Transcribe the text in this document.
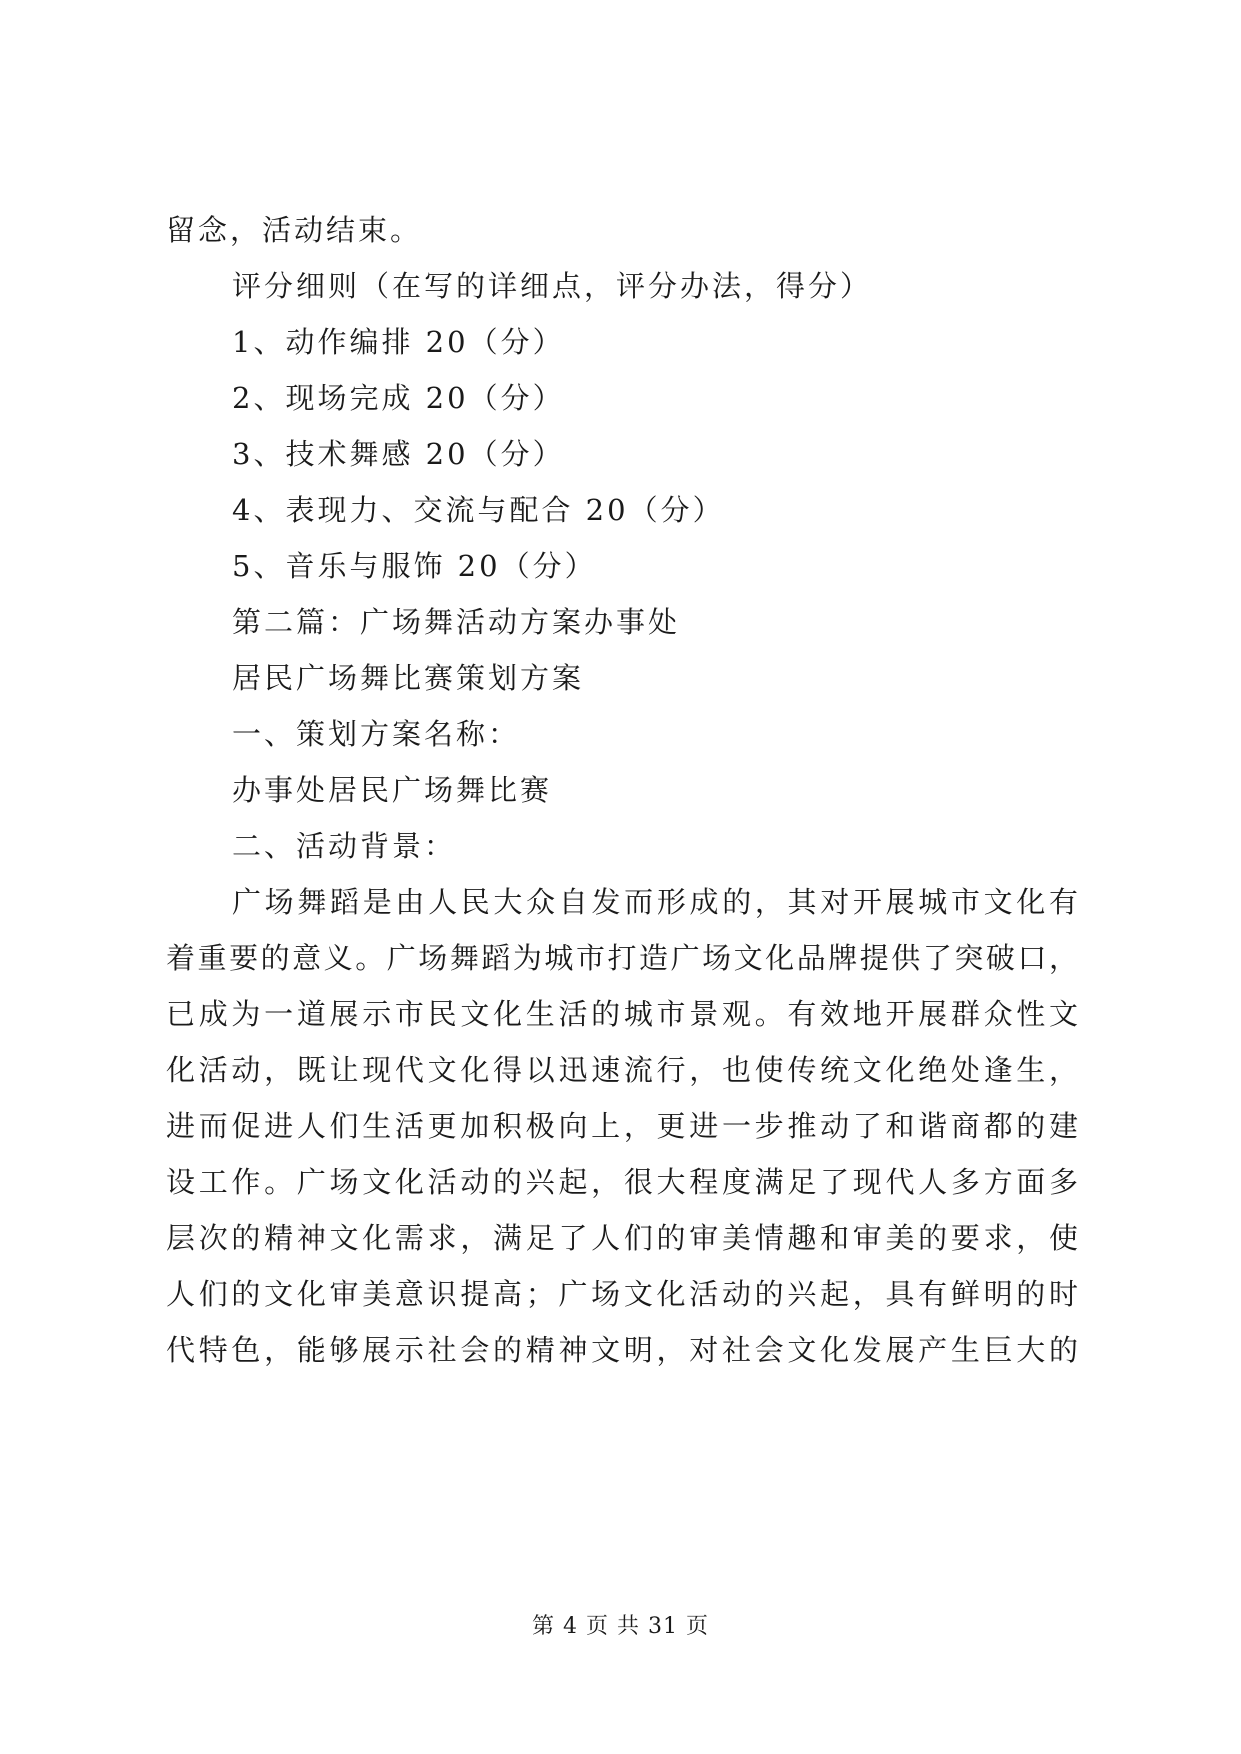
留念，活动结束。
评分细则（在写的详细点，评分办法，得分）
1、动作编排 20（分）
2、现场完成 20（分）
3、技术舞感 20（分）
4、表现力、交流与配合 20（分）
5、音乐与服饰 20（分）
第二篇：广场舞活动方案办事处
居民广场舞比赛策划方案
一、策划方案名称：
办事处居民广场舞比赛
二、活动背景：
广场舞蹈是由人民大众自发而形成的，其对开展城市文化有
着重要的意义。广场舞蹈为城市打造广场文化品牌提供了突破口，
已成为一道展示市民文化生活的城市景观。有效地开展群众性文
化活动，既让现代文化得以迅速流行，也使传统文化绝处逢生，
进而促进人们生活更加积极向上，更进一步推动了和谐商都的建
设工作。广场文化活动的兴起，很大程度满足了现代人多方面多
层次的精神文化需求，满足了人们的审美情趣和审美的要求，使
人们的文化审美意识提高；广场文化活动的兴起，具有鲜明的时
代特色，能够展示社会的精神文明，对社会文化发展产生巨大的
第 4 页 共 31 页
